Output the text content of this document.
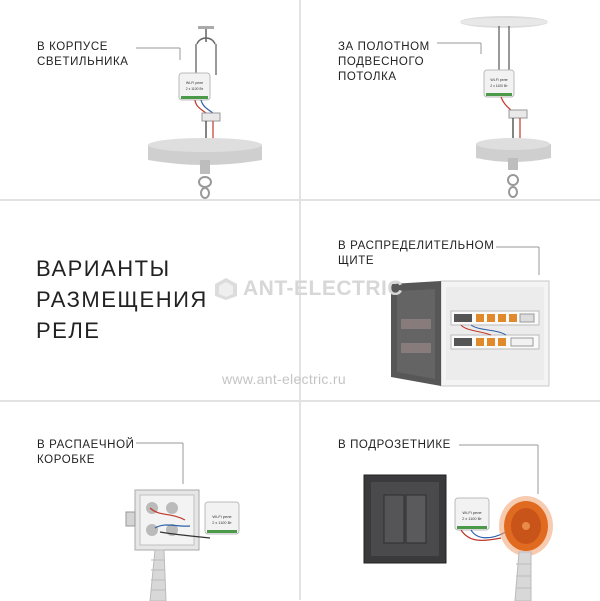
В КОРПУСЕ
СВЕТИЛЬНИКА
Wi-Fi реле
2 x 1100 Вт
ЗА ПОЛОТНОМ
ПОДВЕСНОГО
ПОТОЛКА	Wi-Fi реле
2 x 1100 Вт
ВАРИАНТЫ
РАЗМЕЩЕНИЯ
РЕЛЕ
В РАСПРЕДЕЛИТЕЛЬНОМ
ЩИТЕ
В РАСПАЕЧНОЙ
КОРОБКЕ
Wi-Fi реле
2 x 1100 Вт
В ПОДРОЗЕТНИКЕ
Wi-Fi реле
2 x 1100 Вт
ANT-ELECTRIC
www.ant-electric.ru
